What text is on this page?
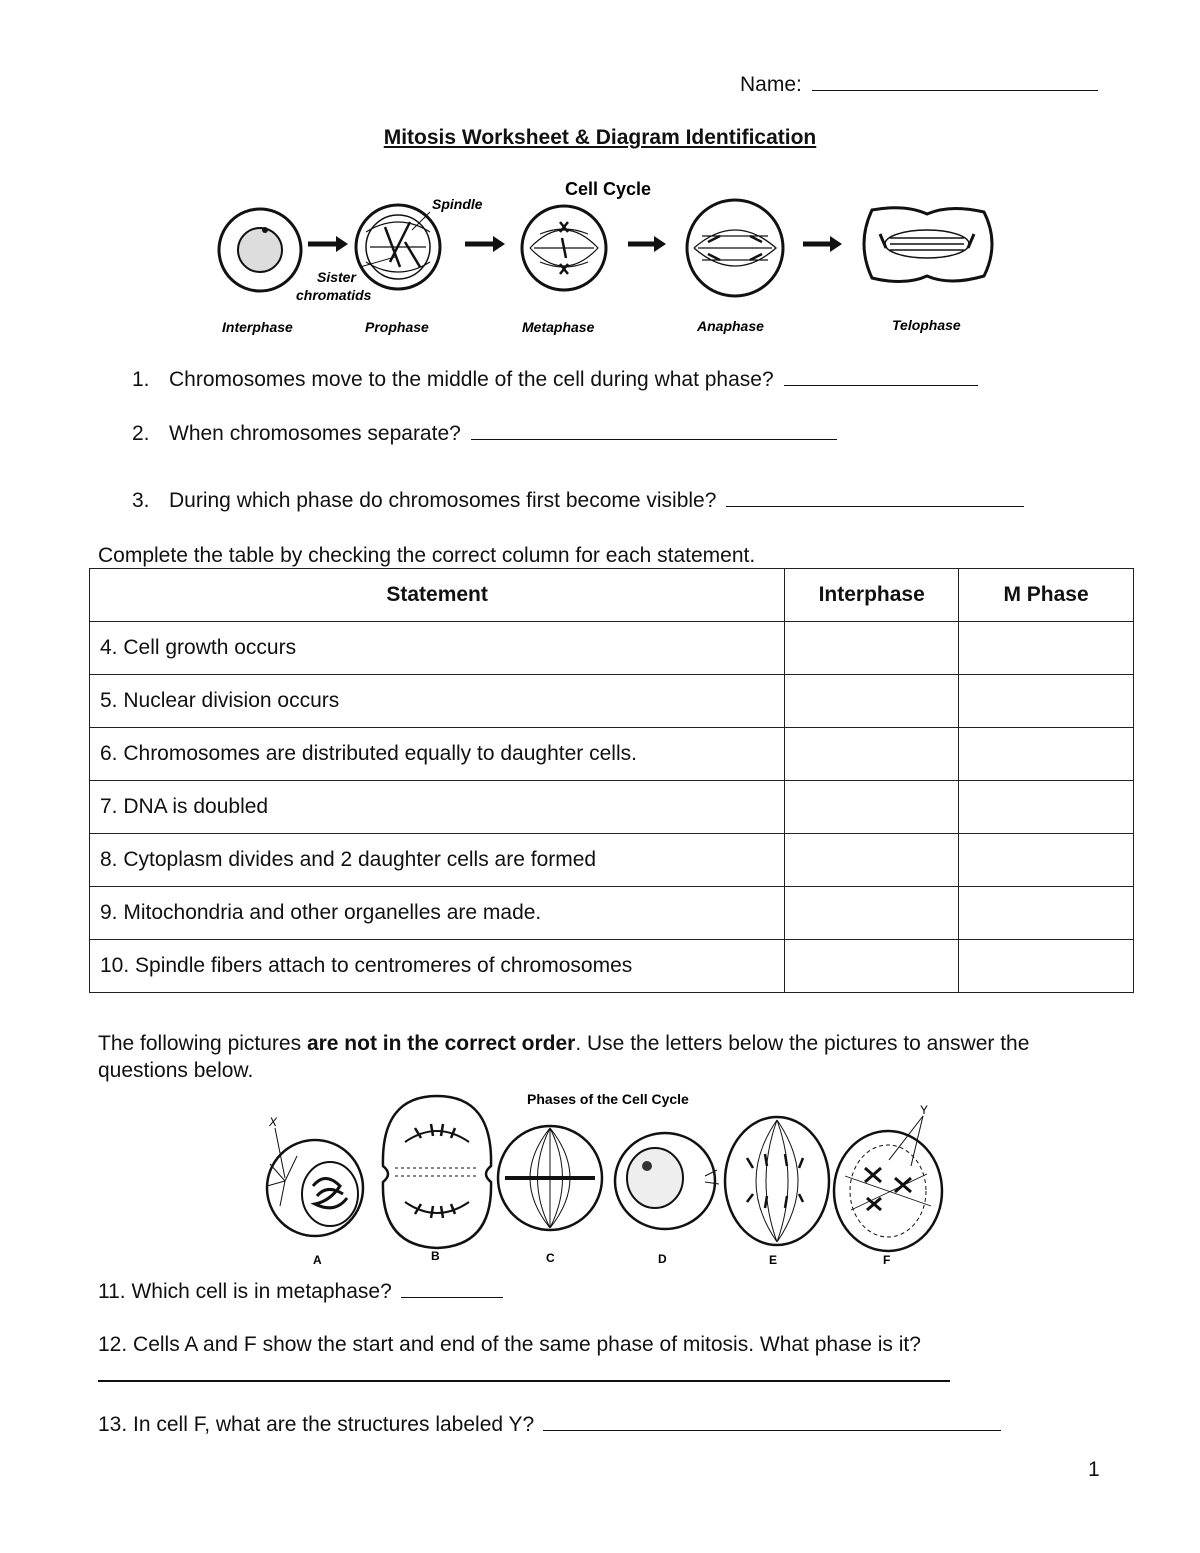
Name:
Mitosis Worksheet & Diagram Identification
Cell Cycle
Spindle
Sister
chromatids
Interphase	Prophase	Metaphase	Anaphase	Telophase
1. Chromosomes move to the middle of the cell during what phase?
2. When chromosomes separate?
3. During which phase do chromosomes first become visible?
Complete the table by checking the correct column for each statement.
Statement	Interphase	M Phase
4. Cell growth occurs		
5. Nuclear division occurs		
6. Chromosomes are distributed equally to daughter cells.		
7. DNA is doubled		
8. Cytoplasm divides and 2 daughter cells are formed		
9. Mitochondria and other organelles are made.		
10. Spindle fibers attach to centromeres of chromosomes		
The following pictures are not in the correct order. Use the letters below the pictures to answer the questions below.
Phases of the Cell Cycle
X
Y
A	B	C	D	E	F
11. Which cell is in metaphase?
12. Cells A and F show the start and end of the same phase of mitosis. What phase is it?
13. In cell F, what are the structures labeled Y?
1
